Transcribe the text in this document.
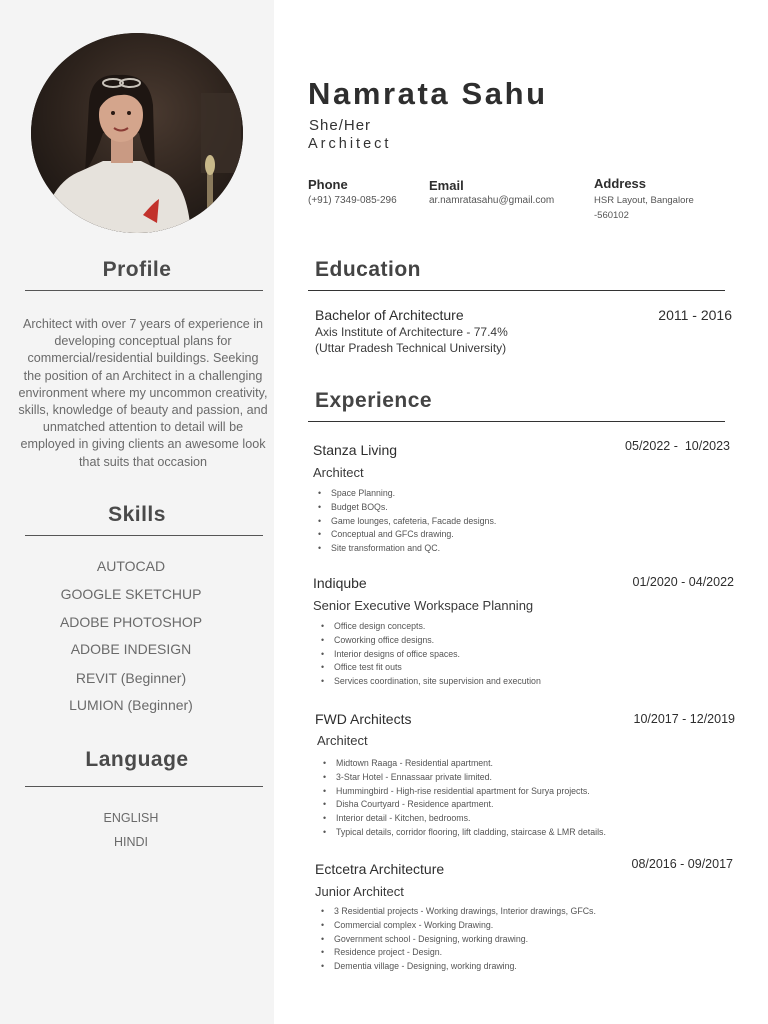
Profile
Architect with over 7 years of experience in developing conceptual plans for commercial/residential buildings. Seeking the position of an Architect in a challenging environment where my uncommon creativity, skills, knowledge of beauty and passion, and unmatched attention to detail will be employed in giving clients an awesome look that suits that occasion
Skills
AUTOCAD
GOOGLE SKETCHUP
ADOBE PHOTOSHOP
ADOBE INDESIGN
REVIT (Beginner)
LUMION (Beginner)
Language
ENGLISH
HINDI
Namrata Sahu
She/Her
Architect
Phone
(+91) 7349-085-296
Email
ar.namratasahu@gmail.com
Address
HSR Layout, Bangalore
-560102
Education
Bachelor of Architecture	2011 - 2016
Axis Institute of Architecture - 77.4%
(Uttar Pradesh Technical University)
Experience
Stanza Living	05/2022 -  10/2023
Architect
• Space Planning.
• Budget BOQs.
• Game lounges, cafeteria, Facade designs.
• Conceptual and GFCs drawing.
• Site transformation and QC.
Indiqube	01/2020 - 04/2022
Senior Executive Workspace Planning
• Office design concepts.
• Coworking office designs.
• Interior designs of office spaces.
• Office test fit outs
• Services coordination, site supervision and execution
FWD Architects	10/2017 - 12/2019
Architect
• Midtown Raaga - Residential apartment.
• 3-Star Hotel - Ennassaar private limited.
• Hummingbird - High-rise residential apartment for Surya projects.
• Disha Courtyard - Residence apartment.
• Interior detail - Kitchen, bedrooms.
• Typical details, corridor flooring, lift cladding, staircase & LMR details.
Ectcetra Architecture	08/2016 - 09/2017
Junior Architect
• 3 Residential projects - Working drawings, Interior drawings, GFCs.
• Commercial complex - Working Drawing.
• Government school - Designing, working drawing.
• Residence project - Design.
• Dementia village - Designing, working drawing.
